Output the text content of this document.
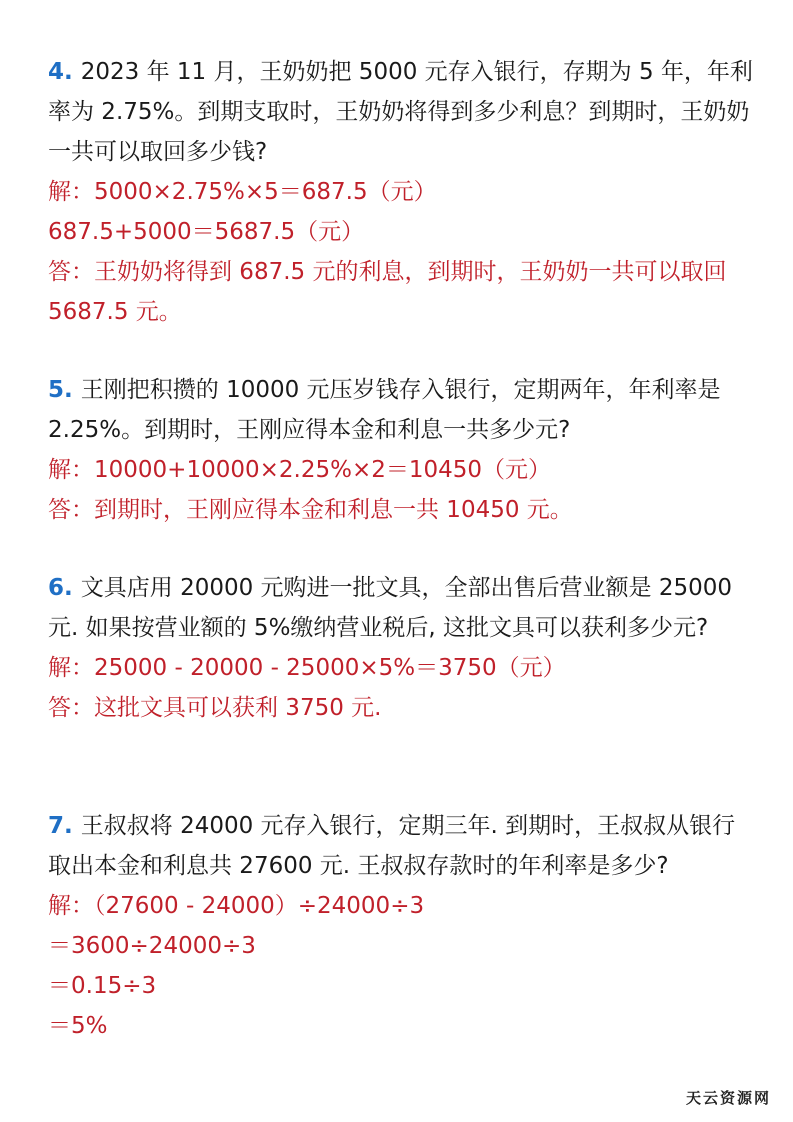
4. 2023 年 11 月，王奶奶把 5000 元存入银行，存期为 5 年，年利率为 2.75%。到期支取时，王奶奶将得到多少利息？到期时，王奶奶一共可以取回多少钱?

解：5000×2.75%×5＝687.5（元）

687.5+5000＝5687.5（元）

答：王奶奶将得到 687.5 元的利息，到期时，王奶奶一共可以取回 5687.5 元。

5. 王刚把积攒的 10000 元压岁钱存入银行，定期两年，年利率是 2.25%。到期时，王刚应得本金和利息一共多少元?

解：10000+10000×2.25%×2＝10450（元）

答：到期时，王刚应得本金和利息一共 10450 元。

6. 文具店用 20000 元购进一批文具，全部出售后营业额是 25000 元. 如果按营业额的 5%缴纳营业税后, 这批文具可以获利多少元?

解：25000 - 20000 - 25000×5%＝3750（元）

答：这批文具可以获利 3750 元.

7. 王叔叔将 24000 元存入银行，定期三年. 到期时，王叔叔从银行取出本金和利息共 27600 元. 王叔叔存款时的年利率是多少?

解：（27600 - 24000）÷24000÷3

＝3600÷24000÷3

＝0.15÷3

＝5%

天云资源网
